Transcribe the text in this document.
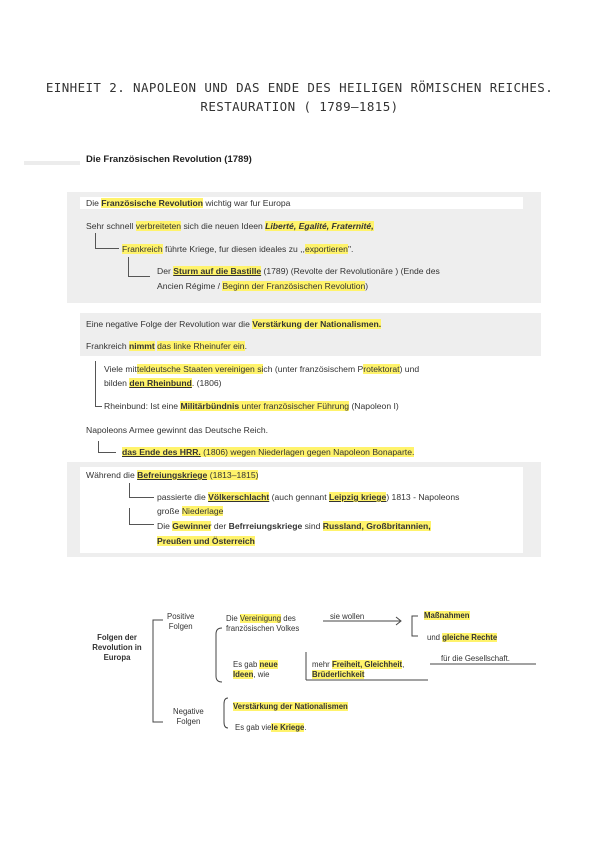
EINHEIT 2. NAPOLEON UND DAS ENDE DES HEILIGEN RÖMISCHEN REICHES.
RESTAURATION ( 1789–1815)
Die Französischen Revolution (1789)
Die Französische Revolution wichtig war fur Europa
Sehr schnell verbreiteten sich die neuen Ideen Liberté, Egalité, Fraternité,
Frankreich führte Kriege, fur diesen ideales zu ,,exportieren".
Der Sturm auf die Bastille (1789) (Revolte der Revolutionäre ) (Ende des
Ancien Régime / Beginn der Französischen Revolution)
Eine negative Folge der Revolution war die Verstärkung der Nationalismen.
Frankreich nimmt das linke Rheinufer ein.
Viele mitteldeutsche Staaten vereinigen sich (unter französischem Protektorat) und
bilden den Rheinbund. (1806)
Rheinbund: Ist eine Militärbündnis unter französischer Führung (Napoleon I)
Napoleons Armee gewinnt das Deutsche Reich.
das Ende des HRR. (1806) wegen Niederlagen gegen Napoleon Bonaparte.
Während die Befreiungskriege (1813–1815)
passierte die Völkerschlacht (auch gennant Leipzig kriege) 1813 - Napoleons
große Niederlage
Die Gewinner der Befrreiungskriege sind Russland, Großbritannien,
Preußen und Österreich
Folgen der
Revolution in
Europa
Positive
Folgen
Negative
Folgen
Die Vereinigung des
französischen Volkes
sie wollen	Maßnahmen
und gleiche Rechte
Es gab neue
Ideen, wie
mehr Freiheit, Gleichheit,
Brüderlichkeit
für die Gesellschaft.
Verstärkung der Nationalismen
Es gab viele Kriege.
